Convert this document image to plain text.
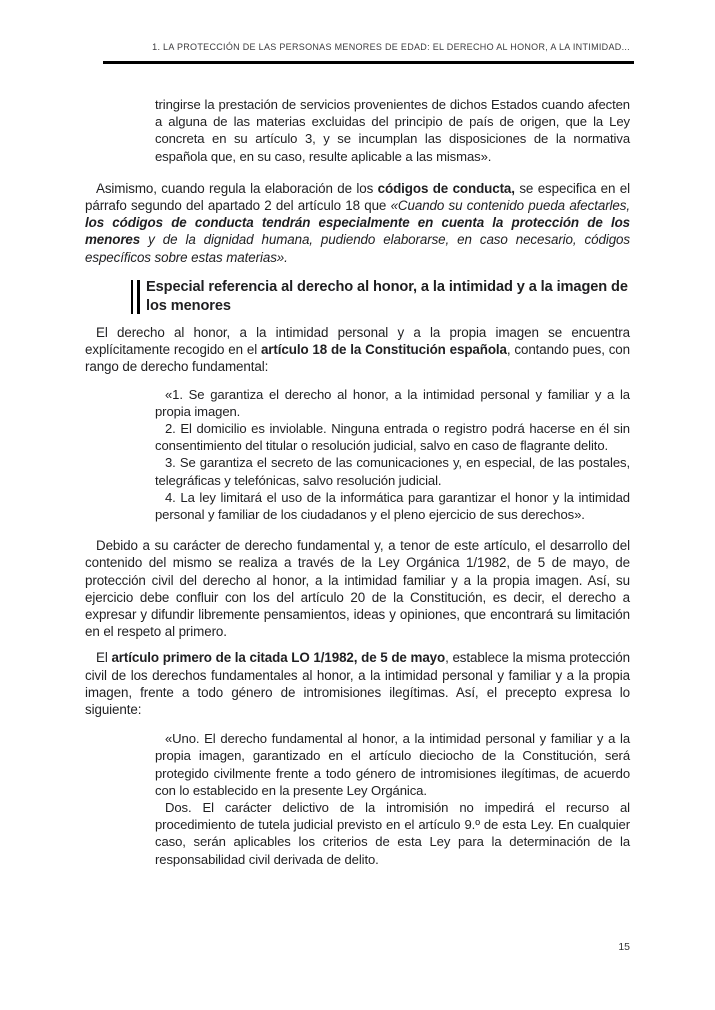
1. LA PROTECCIÓN DE LAS PERSONAS MENORES DE EDAD: EL DERECHO AL HONOR, A LA INTIMIDAD...

tringirse la prestación de servicios provenientes de dichos Estados cuando afecten a alguna de las materias excluidas del principio de país de origen, que la Ley concreta en su artículo 3, y se incumplan las disposiciones de la normativa española que, en su caso, resulte aplicable a las mismas».

Asimismo, cuando regula la elaboración de los códigos de conducta, se especifica en el párrafo segundo del apartado 2 del artículo 18 que «Cuando su contenido pueda afectarles, los códigos de conducta tendrán especialmente en cuenta la protección de los menores y de la dignidad humana, pudiendo elaborarse, en caso necesario, códigos específicos sobre estas materias».

Especial referencia al derecho al honor, a la intimidad y a la imagen de los menores

El derecho al honor, a la intimidad personal y a la propia imagen se encuentra explícitamente recogido en el artículo 18 de la Constitución española, contando pues, con rango de derecho fundamental:

«1. Se garantiza el derecho al honor, a la intimidad personal y familiar y a la propia imagen.

2. El domicilio es inviolable. Ninguna entrada o registro podrá hacerse en él sin consentimiento del titular o resolución judicial, salvo en caso de flagrante delito.

3. Se garantiza el secreto de las comunicaciones y, en especial, de las postales, telegráficas y telefónicas, salvo resolución judicial.

4. La ley limitará el uso de la informática para garantizar el honor y la intimidad personal y familiar de los ciudadanos y el pleno ejercicio de sus derechos».

Debido a su carácter de derecho fundamental y, a tenor de este artículo, el desarrollo del contenido del mismo se realiza a través de la Ley Orgánica 1/1982, de 5 de mayo, de protección civil del derecho al honor, a la intimidad familiar y a la propia imagen. Así, su ejercicio debe confluir con los del artículo 20 de la Constitución, es decir, el derecho a expresar y difundir libremente pensamientos, ideas y opiniones, que encontrará su limitación en el respeto al primero.

El artículo primero de la citada LO 1/1982, de 5 de mayo, establece la misma protección civil de los derechos fundamentales al honor, a la intimidad personal y familiar y a la propia imagen, frente a todo género de intromisiones ilegítimas. Así, el precepto expresa lo siguiente:

«Uno. El derecho fundamental al honor, a la intimidad personal y familiar y a la propia imagen, garantizado en el artículo dieciocho de la Constitución, será protegido civilmente frente a todo género de intromisiones ilegítimas, de acuerdo con lo establecido en la presente Ley Orgánica.

Dos. El carácter delictivo de la intromisión no impedirá el recurso al procedimiento de tutela judicial previsto en el artículo 9.º de esta Ley. En cualquier caso, serán aplicables los criterios de esta Ley para la determinación de la responsabilidad civil derivada de delito.

15
